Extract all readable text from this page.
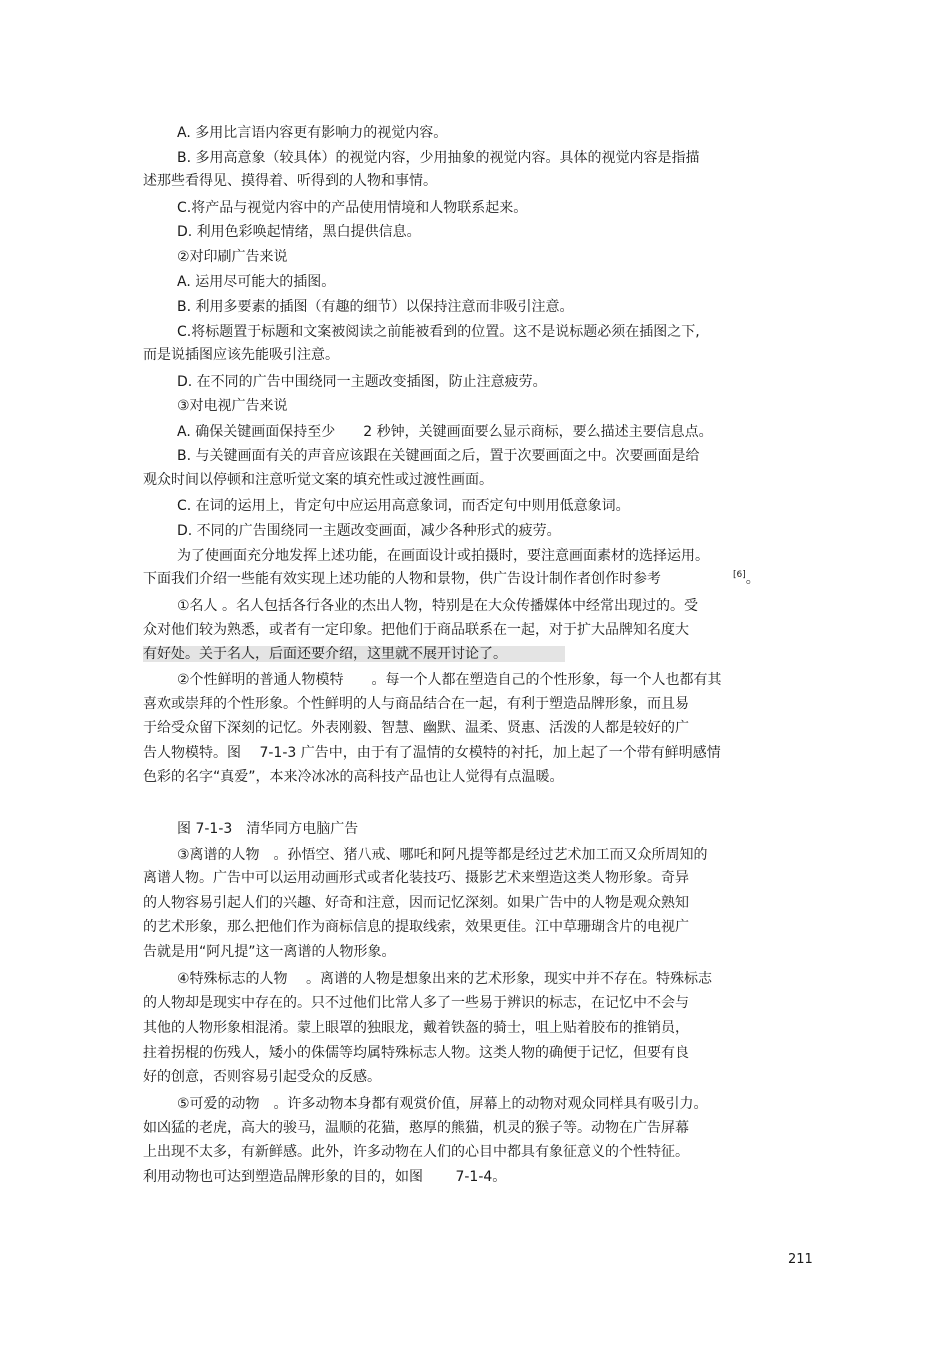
A. 多用比言语内容更有影响力的视觉内容。
B. 多用高意象（较具体）的视觉内容，少用抽象的视觉内容。具体的视觉内容是指描
述那些看得见、摸得着、听得到的人物和事情。
C.将产品与视觉内容中的产品使用情境和人物联系起来。
D. 利用色彩唤起情绪，黑白提供信息。
②对印刷广告来说
A. 运用尽可能大的插图。
B. 利用多要素的插图（有趣的细节）以保持注意而非吸引注意。
C.将标题置于标题和文案被阅读之前能被看到的位置。这不是说标题必须在插图之下,
而是说插图应该先能吸引注意。
D. 在不同的广告中围绕同一主题改变插图，防止注意疲劳。
③对电视广告来说
A. 确保关键画面保持至少　　2 秒钟，关键画面要么显示商标，要么描述主要信息点。
B. 与关键画面有关的声音应该跟在关键画面之后，置于次要画面之中。次要画面是给
观众时间以停顿和注意听觉文案的填充性或过渡性画面。
C. 在词的运用上，肯定句中应运用高意象词，而否定句中则用低意象词。
D. 不同的广告围绕同一主题改变画面，减少各种形式的疲劳。
为了使画面充分地发挥上述功能，在画面设计或拍摄时，要注意画面素材的选择运用。
下面我们介绍一些能有效实现上述功能的人物和景物，供广告设计制作者创作时参考	[6]。
①名人 。名人包括各行各业的杰出人物，特别是在大众传播媒体中经常出现过的。受
众对他们较为熟悉，或者有一定印象。把他们于商品联系在一起，对于扩大品牌知名度大
有好处。关于名人，后面还要介绍，这里就不展开讨论了。
②个性鲜明的普通人物模特　　。每一个人都在塑造自己的个性形象，每一个人也都有其
喜欢或崇拜的个性形象。个性鲜明的人与商品结合在一起，有利于塑造品牌形象，而且易
于给受众留下深刻的记忆。外表刚毅、智慧、幽默、温柔、贤惠、活泼的人都是较好的广
告人物模特。图　 7-1-3 广告中，由于有了温情的女模特的衬托，加上起了一个带有鲜明感情
色彩的名字“真爱”，本来冷冰冰的高科技产品也让人觉得有点温暖。
图 7-1-3　清华同方电脑广告
③离谱的人物　。孙悟空、猪八戒、哪吒和阿凡提等都是经过艺术加工而又众所周知的
离谱人物。广告中可以运用动画形式或者化装技巧、摄影艺术来塑造这类人物形象。奇异
的人物容易引起人们的兴趣、好奇和注意，因而记忆深刻。如果广告中的人物是观众熟知
的艺术形象，那么把他们作为商标信息的提取线索，效果更佳。江中草珊瑚含片的电视广
告就是用“阿凡提”这一离谱的人物形象。
④特殊标志的人物　 。离谱的人物是想象出来的艺术形象，现实中并不存在。特殊标志
的人物却是现实中存在的。只不过他们比常人多了一些易于辨识的标志，在记忆中不会与
其他的人物形象相混淆。蒙上眼罩的独眼龙，戴着铁盔的骑士，咀上贴着胶布的推销员，
拄着拐棍的伤残人，矮小的侏儒等均属特殊标志人物。这类人物的确便于记忆，但要有良
好的创意，否则容易引起受众的反感。
⑤可爱的动物　。许多动物本身都有观赏价值，屏幕上的动物对观众同样具有吸引力。
如凶猛的老虎，高大的骏马，温顺的花猫，憨厚的熊猫，机灵的猴子等。动物在广告屏幕
上出现不太多，有新鲜感。此外，许多动物在人们的心目中都具有象征意义的个性特征。
利用动物也可达到塑造品牌形象的目的，如图　　 7-1-4。
211
